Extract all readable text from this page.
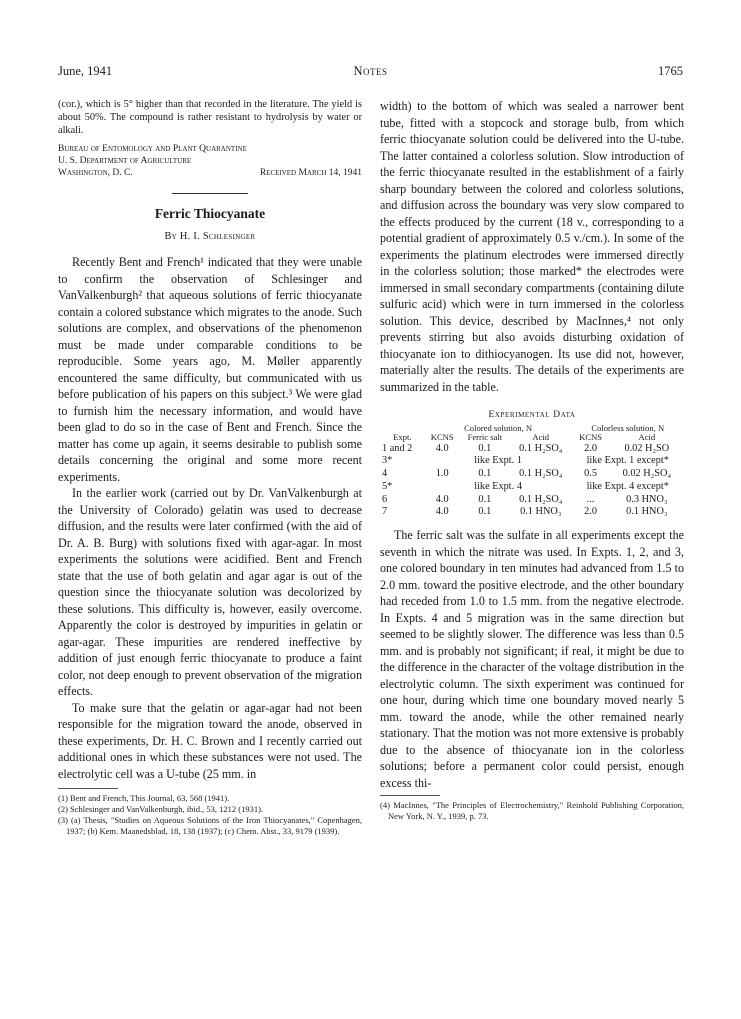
June, 1941	Notes	1765

(cor.), which is 5° higher than that recorded in the literature. The yield is about 50%. The compound is rather resistant to hydrolysis by water or alkali.

Bureau of Entomology and Plant Quarantine
U. S. Department of Agriculture
Washington, D. C.	Received March 14, 1941
Ferric Thiocyanate
By H. I. Schlesinger

Recently Bent and French¹ indicated that they were unable to confirm the observation of Schlesinger and VanValkenburgh² that aqueous solutions of ferric thiocyanate contain a colored substance which migrates to the anode. Such solutions are complex, and observations of the phenomenon must be made under comparable conditions to be reproducible. Some years ago, M. Møller apparently encountered the same difficulty, but communicated with us before publication of his papers on this subject.³ We were glad to furnish him the necessary information, and would have been glad to do so in the case of Bent and French. Since the matter has come up again, it seems desirable to publish some details concerning the original and some more recent experiments.

In the earlier work (carried out by Dr. VanValkenburgh at the University of Colorado) gelatin was used to decrease diffusion, and the results were later confirmed (with the aid of Dr. A. B. Burg) with solutions fixed with agar-agar. In most experiments the solutions were acidified. Bent and French state that the use of both gelatin and agar agar is out of the question since the thiocyanate solution was decolorized by these solutions. This difficulty is, however, easily overcome. Apparently the color is destroyed by impurities in gelatin or agar-agar. These impurities are rendered ineffective by addition of just enough ferric thiocyanate to produce a faint color, not deep enough to prevent observation of the migration effects.

To make sure that the gelatin or agar-agar had not been responsible for the migration toward the anode, observed in these experiments, Dr. H. C. Brown and I recently carried out additional ones in which these substances were not used. The electrolytic cell was a U-tube (25 mm. in

(1) Bent and French, This Journal, 63, 568 (1941).

(2) Schlesinger and VanValkenburgh, ibid., 53, 1212 (1931).

(3) (a) Thesis, "Studies on Aqueous Solutions of the Iron Thiocyanates," Copenhagen, 1937; (b) Kem. Maanedsblad, 18, 138 (1937); (c) Chem. Abst., 33, 9179 (1939).

width) to the bottom of which was sealed a narrower bent tube, fitted with a stopcock and storage bulb, from which ferric thiocyanate solution could be delivered into the U-tube. The latter contained a colorless solution. Slow introduction of the ferric thiocyanate resulted in the establishment of a fairly sharp boundary between the colored and colorless solutions, and diffusion across the boundary was very slow compared to the effects produced by the current (18 v., corresponding to a potential gradient of approximately 0.5 v./cm.). In some of the experiments the platinum electrodes were immersed directly in the colorless solution; those marked* the electrodes were immersed in small secondary compartments (containing dilute sulfuric acid) which were in turn immersed in the colorless solution. This device, described by MacInnes,⁴ not only prevents stirring but also avoids disturbing oxidation of thiocyanate ion to dithiocyanogen. Its use did not, however, materially alter the results. The details of the experiments are summarized in the table.

Experimental Data
	Colored solution, N			Colorless solution, N	
Expt.	KCNS	Ferric salt	Acid	KCNS	Acid
1 and 2	4.0	0.1	0.1 H₂SO₄	2.0	0.02 H₂SO
3*	like Expt. 1			like Expt. 1 except*	
4	1.0	0.1	0.1 H₂SO₄	0.5	0.02 H₂SO₄
5*	like Expt. 4			like Expt. 4 except*	
6	4.0	0.1	0.1 H₂SO₄	...	0.3 HNO₃
7	4.0	0.1	0.1 HNO₃	2.0	0.1 HNO₃

The ferric salt was the sulfate in all experiments except the seventh in which the nitrate was used. In Expts. 1, 2, and 3, one colored boundary in ten minutes had advanced from 1.5 to 2.0 mm. toward the positive electrode, and the other boundary had receded from 1.0 to 1.5 mm. from the negative electrode. In Expts. 4 and 5 migration was in the same direction but seemed to be slightly slower. The difference was less than 0.5 mm. and is probably not significant; if real, it might be due to the difference in the character of the voltage distribution in the electrolytic column. The sixth experiment was continued for one hour, during which time one boundary moved nearly 5 mm. toward the anode, while the other remained nearly stationary. That the motion was not more extensive is probably due to the absence of thiocyanate ion in the colorless solutions; before a permanent color could persist, enough excess thi-

(4) MacInnes, "The Principles of Electrochemistry," Reinhold Publishing Corporation, New York, N. Y., 1939, p. 73.
